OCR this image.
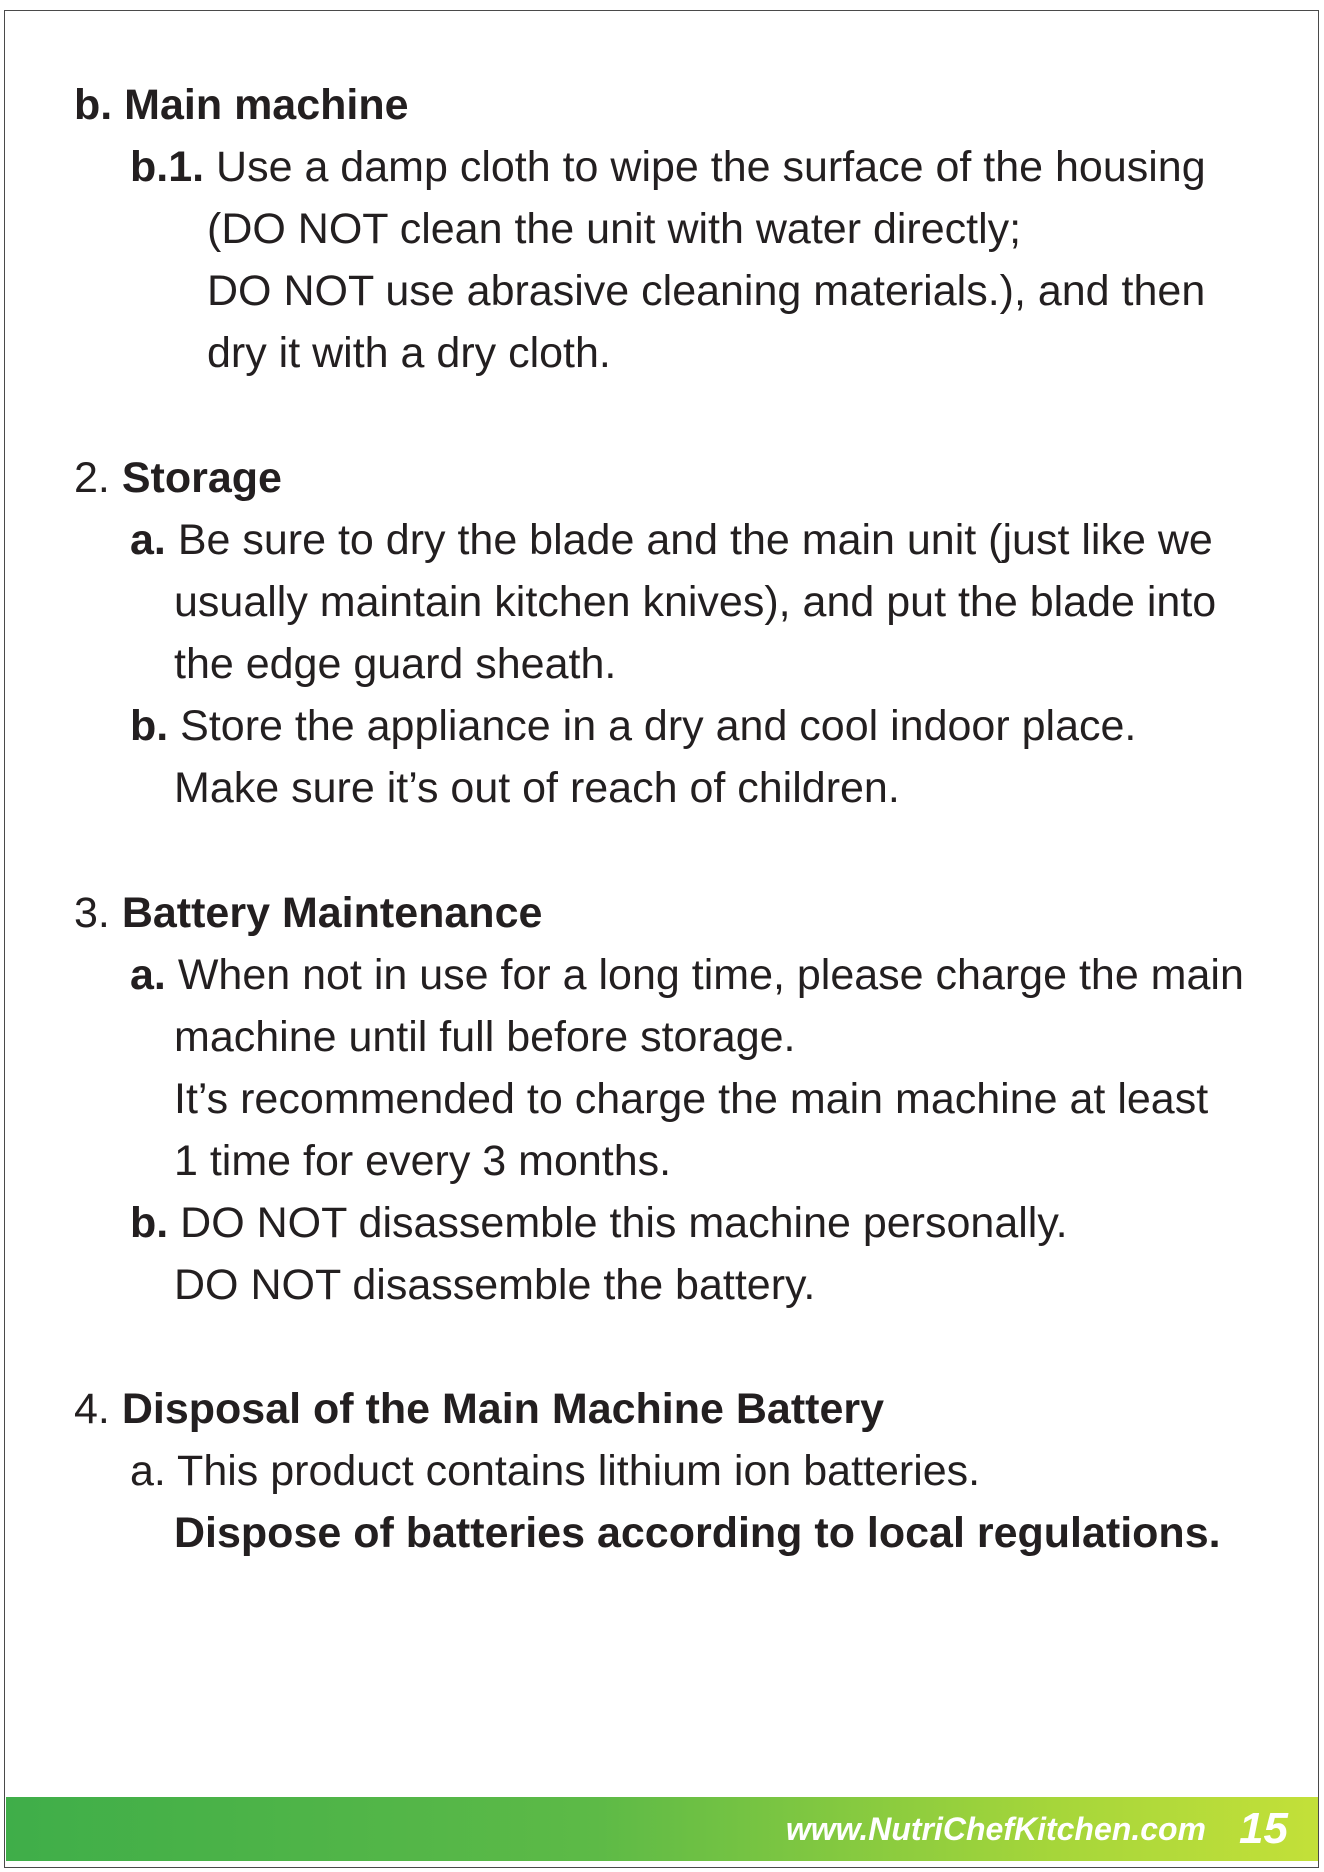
b. Main machine
b.1. Use a damp cloth to wipe the surface of the housing
(DO NOT clean the unit with water directly;
DO NOT use abrasive cleaning materials.), and then
dry it with a dry cloth.
2. Storage
a. Be sure to dry the blade and the main unit (just like we
usually maintain kitchen knives), and put the blade into
the edge guard sheath.
b. Store the appliance in a dry and cool indoor place.
Make sure it’s out of reach of children.
3. Battery Maintenance
a. When not in use for a long time, please charge the main
machine until full before storage.
It’s recommended to charge the main machine at least
1 time for every 3 months.
b. DO NOT disassemble this machine personally.
DO NOT disassemble the battery.
4. Disposal of the Main Machine Battery
a. This product contains lithium ion batteries.
Dispose of batteries according to local regulations.
www.NutriChefKitchen.com 15
